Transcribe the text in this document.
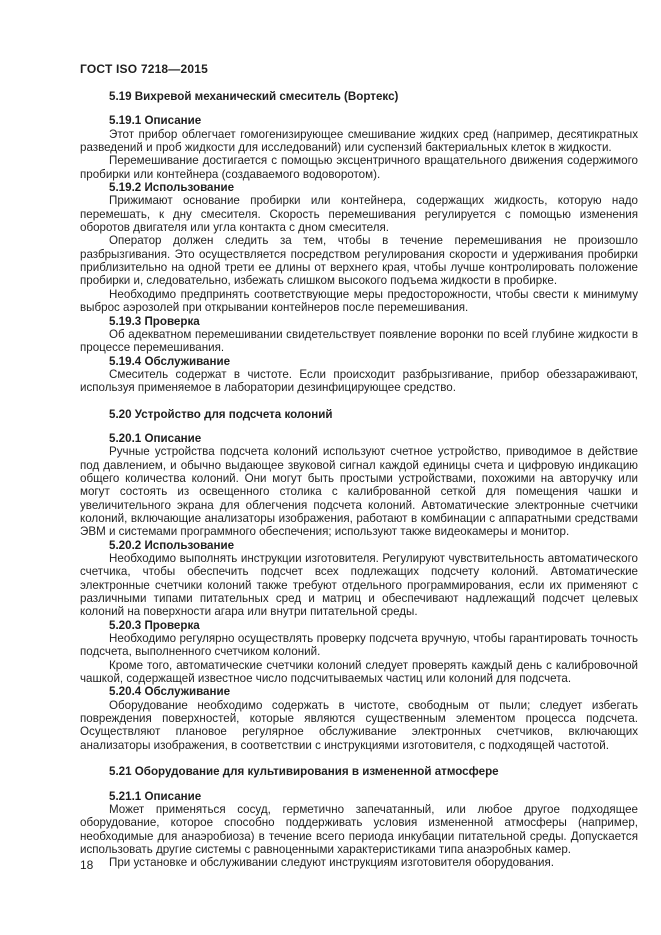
ГОСТ ISO 7218—2015
5.19 Вихревой механический смеситель (Вортекс)
5.19.1 Описание

Этот прибор облегчает гомогенизирующее смешивание жидких сред (например, десятикратных разведений и проб жидкости для исследований) или суспензий бактериальных клеток в жидкости.

Перемешивание достигается с помощью эксцентричного вращательного движения содержимого пробирки или контейнера (создаваемого водоворотом).

5.19.2 Использование

Прижимают основание пробирки или контейнера, содержащих жидкость, которую надо перемешать, к дну смесителя. Скорость перемешивания регулируется с помощью изменения оборотов двигателя или угла контакта с дном смесителя.

Оператор должен следить за тем, чтобы в течение перемешивания не произошло разбрызгивания. Это осуществляется посредством регулирования скорости и удерживания пробирки приблизительно на одной трети ее длины от верхнего края, чтобы лучше контролировать положение пробирки и, следовательно, избежать слишком высокого подъема жидкости в пробирке.

Необходимо предпринять соответствующие меры предосторожности, чтобы свести к минимуму выброс аэрозолей при открывании контейнеров после перемешивания.

5.19.3 Проверка

Об адекватном перемешивании свидетельствует появление воронки по всей глубине жидкости в процессе перемешивания.

5.19.4 Обслуживание

Смеситель содержат в чистоте. Если происходит разбрызгивание, прибор обеззараживают, используя применяемое в лаборатории дезинфицирующее средство.

5.20 Устройство для подсчета колоний
5.20.1 Описание

Ручные устройства подсчета колоний используют счетное устройство, приводимое в действие под давлением, и обычно выдающее звуковой сигнал каждой единицы счета и цифровую индикацию общего количества колоний. Они могут быть простыми устройствами, похожими на авторучку или могут состоять из освещенного столика с калиброванной сеткой для помещения чашки и увеличительного экрана для облегчения подсчета колоний. Автоматические электронные счетчики колоний, включающие анализаторы изображения, работают в комбинации с аппаратными средствами ЭВМ и системами программного обеспечения; используют также видеокамеры и монитор.

5.20.2 Использование

Необходимо выполнять инструкции изготовителя. Регулируют чувствительность автоматического счетчика, чтобы обеспечить подсчет всех подлежащих подсчету колоний. Автоматические электронные счетчики колоний также требуют отдельного программирования, если их применяют с различными типами питательных сред и матриц и обеспечивают надлежащий подсчет целевых колоний на поверхности агара или внутри питательной среды.

5.20.3 Проверка

Необходимо регулярно осуществлять проверку подсчета вручную, чтобы гарантировать точность подсчета, выполненного счетчиком колоний.

Кроме того, автоматические счетчики колоний следует проверять каждый день с калибровочной чашкой, содержащей известное число подсчитываемых частиц или колоний для подсчета.

5.20.4 Обслуживание

Оборудование необходимо содержать в чистоте, свободным от пыли; следует избегать повреждения поверхностей, которые являются существенным элементом процесса подсчета. Осуществляют плановое регулярное обслуживание электронных счетчиков, включающих анализаторы изображения, в соответствии с инструкциями изготовителя, с подходящей частотой.

5.21 Оборудование для культивирования в измененной атмосфере
5.21.1 Описание

Может применяться сосуд, герметично запечатанный, или любое другое подходящее оборудование, которое способно поддерживать условия измененной атмосферы (например, необходимые для анаэробиоза) в течение всего периода инкубации питательной среды. Допускается использовать другие системы с равноценными характеристиками типа анаэробных камер.

При установке и обслуживании следуют инструкциям изготовителя оборудования.

18
